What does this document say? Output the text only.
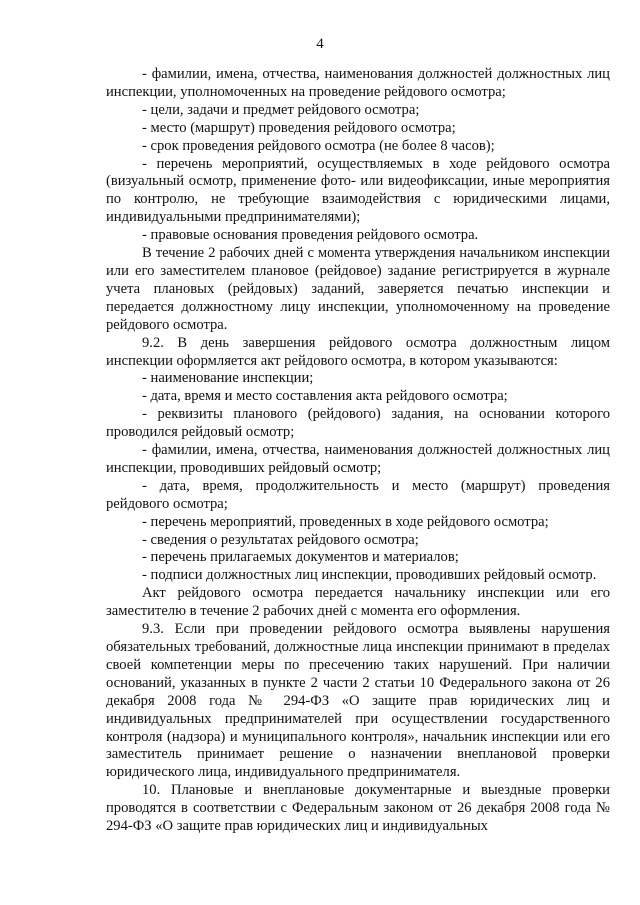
4

- фамилии, имена, отчества, наименования должностей должностных лиц инспекции, уполномоченных на проведение рейдового осмотра;

- цели, задачи и предмет рейдового осмотра;

- место (маршрут) проведения рейдового осмотра;

- срок проведения рейдового осмотра (не более 8 часов);

- перечень мероприятий, осуществляемых в ходе рейдового осмотра (визуальный осмотр, применение фото- или видеофиксации, иные мероприятия по контролю, не требующие взаимодействия с юридическими лицами, индивидуальными предпринимателями);

- правовые основания проведения рейдового осмотра.

В течение 2 рабочих дней с момента утверждения начальником инспекции или его заместителем плановое (рейдовое) задание регистрируется в журнале учета плановых (рейдовых) заданий, заверяется печатью инспекции и передается должностному лицу инспекции, уполномоченному на проведение рейдового осмотра.

9.2. В день завершения рейдового осмотра должностным лицом инспекции оформляется акт рейдового осмотра, в котором указываются:

- наименование инспекции;

- дата, время и место составления акта рейдового осмотра;

- реквизиты планового (рейдового) задания, на основании которого проводился рейдовый осмотр;

- фамилии, имена, отчества, наименования должностей должностных лиц инспекции, проводивших рейдовый осмотр;

- дата, время, продолжительность и место (маршрут) проведения рейдового осмотра;

- перечень мероприятий, проведенных в ходе рейдового осмотра;

- сведения о результатах рейдового осмотра;

- перечень прилагаемых документов и материалов;

- подписи должностных лиц инспекции, проводивших рейдовый осмотр.

Акт рейдового осмотра передается начальнику инспекции или его заместителю в течение 2 рабочих дней с момента его оформления.

9.3. Если при проведении рейдового осмотра выявлены нарушения обязательных требований, должностные лица инспекции принимают в пределах своей компетенции меры по пресечению таких нарушений. При наличии оснований, указанных в пункте 2 части 2 статьи 10 Федерального закона от 26 декабря 2008 года № 294-ФЗ «О защите прав юридических лиц и индивидуальных предпринимателей при осуществлении государственного контроля (надзора) и муниципального контроля», начальник инспекции или его заместитель принимает решение о назначении внеплановой проверки юридического лица, индивидуального предпринимателя.

10. Плановые и внеплановые документарные и выездные проверки проводятся в соответствии с Федеральным законом от 26 декабря 2008 года № 294-ФЗ «О защите прав юридических лиц и индивидуальных
